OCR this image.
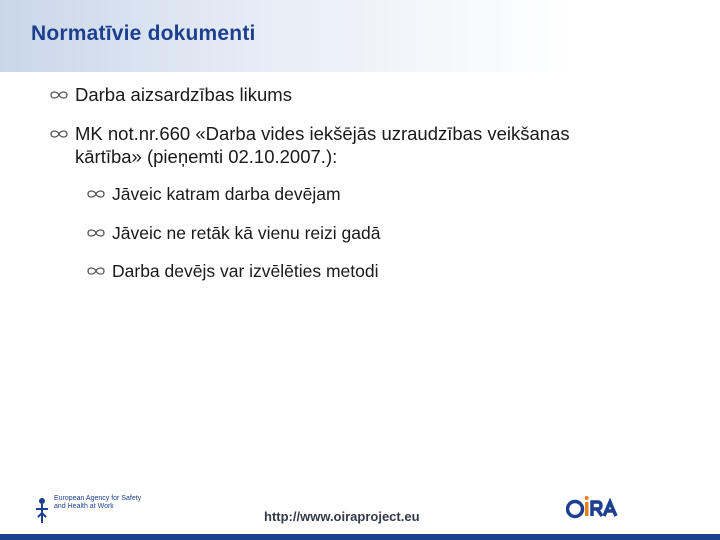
Normatīvie dokumenti
Darba aizsardzības likums
MK not.nr.660 «Darba vides iekšējās uzraudzības veikšanas
kārtība» (pieņemti 02.10.2007.):
Jāveic katram darba devējam
Jāveic ne retāk kā vienu reizi gadā
Darba devējs var izvēlēties metodi
European Agency for Safety and Health at Work
http://www.oiraproject.eu
